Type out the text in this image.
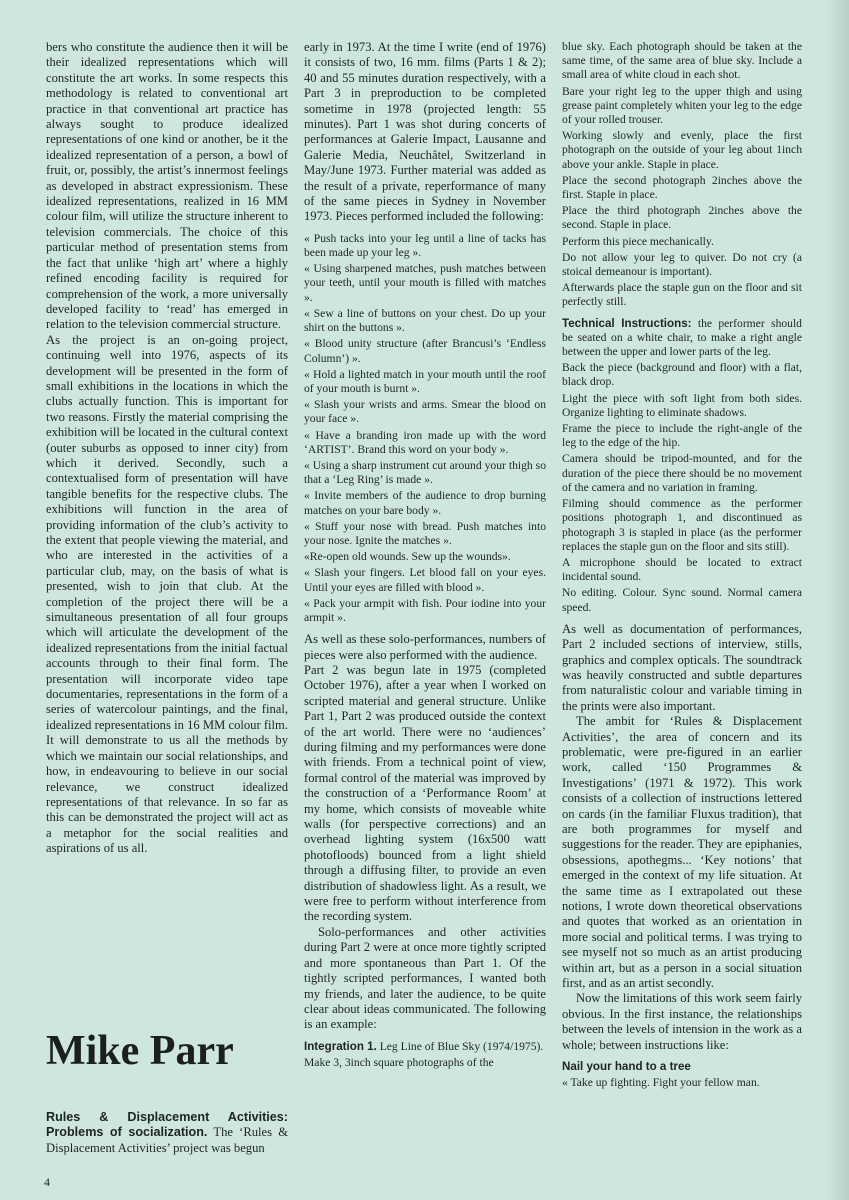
bers who constitute the audience then it will be their idealized representations which will constitute the art works. In some respects this methodology is related to conventional art practice in that conventional art practice has always sought to produce idealized representations of one kind or another, be it the idealized representation of a person, a bowl of fruit, or, possibly, the artist’s innermost feelings as developed in abstract expressionism. These idealized representations, realized in 16 MM colour film, will utilize the structure inherent to television commercials. The choice of this particular method of presentation stems from the fact that unlike ‘high art’ where a highly refined encoding facility is required for comprehension of the work, a more universally developed facility to ‘read’ has emerged in relation to the television commercial structure.

As the project is an on-going project, continuing well into 1976, aspects of its development will be presented in the form of small exhibitions in the locations in which the clubs actually function. This is important for two reasons. Firstly the material comprising the exhibition will be located in the cultural context (outer suburbs as opposed to inner city) from which it derived. Secondly, such a contextualised form of presentation will have tangible benefits for the respective clubs. The exhibitions will function in the area of providing information of the club’s activity to the extent that people viewing the material, and who are interested in the activities of a particular club, may, on the basis of what is presented, wish to join that club. At the completion of the project there will be a simultaneous presentation of all four groups which will articulate the development of the idealized representations from the initial factual accounts through to their final form. The presentation will incorporate video tape documentaries, representations in the form of a series of watercolour paintings, and the final, idealized representations in 16 MM colour film. It will demonstrate to us all the methods by which we maintain our social relationships, and how, in endeavouring to believe in our social relevance, we construct idealized representations of that relevance. In so far as this can be demonstrated the project will act as a metaphor for the social realities and aspirations of us all.

Mike Parr

Rules & Displacement Activities: Problems of socialization. The ‘Rules & Displacement Activities’ project was begun

early in 1973. At the time I write (end of 1976) it consists of two, 16 mm. films (Parts 1 & 2); 40 and 55 minutes duration respectively, with a Part 3 in preproduction to be completed sometime in 1978 (projected length: 55 minutes). Part 1 was shot during concerts of performances at Galerie Impact, Lausanne and Galerie Media, Neuchâtel, Switzerland in May/June 1973. Further material was added as the result of a private, reperformance of many of the same pieces in Sydney in November 1973. Pieces performed included the following:

« Push tacks into your leg until a line of tacks has been made up your leg ».

« Using sharpened matches, push matches between your teeth, until your mouth is filled with matches ».

« Sew a line of buttons on your chest. Do up your shirt on the buttons ».

« Blood unity structure (after Brancusi’s ‘Endless Column’) ».

« Hold a lighted match in your mouth until the roof of your mouth is burnt ».

« Slash your wrists and arms. Smear the blood on your face ».

« Have a branding iron made up with the word ‘ARTIST’. Brand this word on your body ».

« Using a sharp instrument cut around your thigh so that a ‘Leg Ring’ is made ».

« Invite members of the audience to drop burning matches on your bare body ».

« Stuff your nose with bread. Push matches into your nose. Ignite the matches ».

«Re-open old wounds. Sew up the wounds».

« Slash your fingers. Let blood fall on your eyes. Until your eyes are filled with blood ».

« Pack your armpit with fish. Pour iodine into your armpit ».

As well as these solo-performances, numbers of pieces were also performed with the audience.

Part 2 was begun late in 1975 (completed October 1976), after a year when I worked on scripted material and general structure. Unlike Part 1, Part 2 was produced outside the context of the art world. There were no ‘audiences’ during filming and my performances were done with friends. From a technical point of view, formal control of the material was improved by the construction of a ‘Performance Room’ at my home, which consists of moveable white walls (for perspective corrections) and an overhead lighting system (16x500 watt photofloods) bounced from a light shield through a diffusing filter, to provide an even distribution of shadowless light. As a result, we were free to perform without interference from the recording system.

Solo-performances and other activities during Part 2 were at once more tightly scripted and more spontaneous than Part 1. Of the tightly scripted performances, I wanted both my friends, and later the audience, to be quite clear about ideas communicated. The following is an example:

Integration 1. Leg Line of Blue Sky (1974/1975).

Make 3, 3inch square photographs of the

blue sky. Each photograph should be taken at the same time, of the same area of blue sky. Include a small area of white cloud in each shot.

Bare your right leg to the upper thigh and using grease paint completely whiten your leg to the edge of your rolled trouser.

Working slowly and evenly, place the first photograph on the outside of your leg about 1inch above your ankle. Staple in place.

Place the second photograph 2inches above the first. Staple in place.

Place the third photograph 2inches above the second. Staple in place.

Perform this piece mechanically.

Do not allow your leg to quiver. Do not cry (a stoical demeanour is important).

Afterwards place the staple gun on the floor and sit perfectly still.

Technical Instructions: the performer should be seated on a white chair, to make a right angle between the upper and lower parts of the leg.

Back the piece (background and floor) with a flat, black drop.

Light the piece with soft light from both sides. Organize lighting to eliminate shadows.

Frame the piece to include the right-angle of the leg to the edge of the hip.

Camera should be tripod-mounted, and for the duration of the piece there should be no movement of the camera and no variation in framing.

Filming should commence as the performer positions photograph 1, and discontinued as photograph 3 is stapled in place (as the performer replaces the staple gun on the floor and sits still).

A microphone should be located to extract incidental sound.

No editing. Colour. Sync sound. Normal camera speed.

As well as documentation of performances, Part 2 included sections of interview, stills, graphics and complex opticals. The soundtrack was heavily constructed and subtle departures from naturalistic colour and variable timing in the prints were also important.

The ambit for ‘Rules & Displacement Activities’, the area of concern and its problematic, were pre-figured in an earlier work, called ‘150 Programmes & Investigations’ (1971 & 1972). This work consists of a collection of instructions lettered on cards (in the familiar Fluxus tradition), that are both programmes for myself and suggestions for the reader. They are epiphanies, obsessions, apothegms... ‘Key notions’ that emerged in the context of my life situation. At the same time as I extrapolated out these notions, I wrote down theoretical observations and quotes that worked as an orientation in more social and political terms. I was trying to see myself not so much as an artist producing within art, but as a person in a social situation first, and as an artist secondly.

Now the limitations of this work seem fairly obvious. In the first instance, the relationships between the levels of intension in the work as a whole; between instructions like:

Nail your hand to a tree

« Take up fighting. Fight your fellow man.

4
